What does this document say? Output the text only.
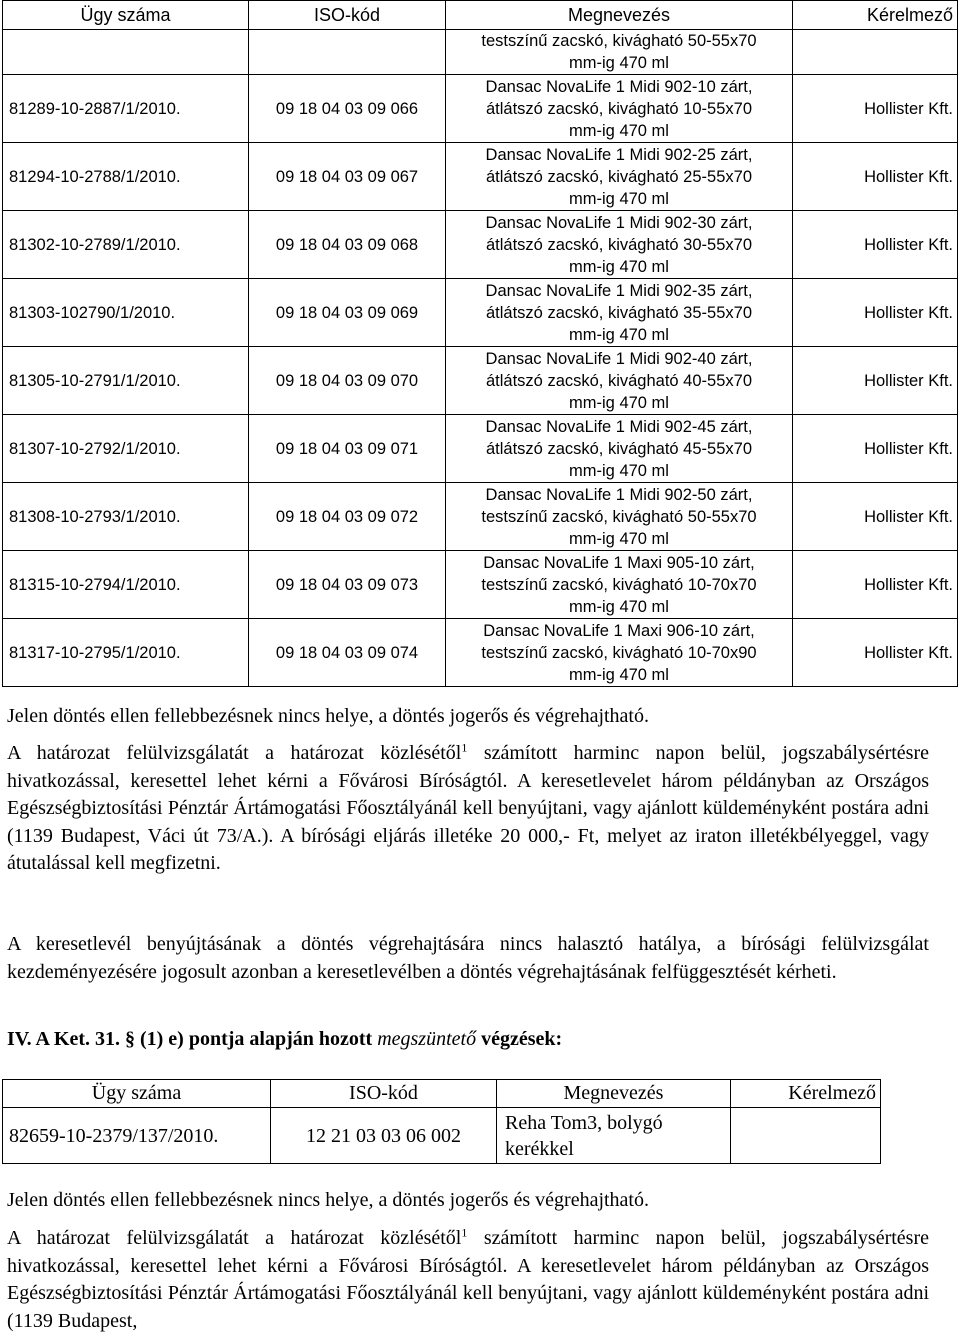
Ügy száma	ISO-kód	Megnevezés	Kérelmező

		testszínű zacskó, kivágható 50-55x70
mm-ig 470 ml	

81289-10-2887/1/2010.	09 18 04 03 09 066	Dansac NovaLife 1 Midi 902-10 zárt,
átlátszó zacskó, kivágható 10-55x70
mm-ig 470 ml	Hollister Kft.
81294-10-2788/1/2010.	09 18 04 03 09 067	Dansac NovaLife 1 Midi 902-25 zárt,
átlátszó zacskó, kivágható 25-55x70
mm-ig 470 ml	Hollister Kft.
81302-10-2789/1/2010.	09 18 04 03 09 068	Dansac NovaLife 1 Midi 902-30 zárt,
átlátszó zacskó, kivágható 30-55x70
mm-ig 470 ml	Hollister Kft.
81303-102790/1/2010.	09 18 04 03 09 069	Dansac NovaLife 1 Midi 902-35 zárt,
átlátszó zacskó, kivágható 35-55x70
mm-ig 470 ml	Hollister Kft.
81305-10-2791/1/2010.	09 18 04 03 09 070	Dansac NovaLife 1 Midi 902-40 zárt,
átlátszó zacskó, kivágható 40-55x70
mm-ig 470 ml	Hollister Kft.
81307-10-2792/1/2010.	09 18 04 03 09 071	Dansac NovaLife 1 Midi 902-45 zárt,
átlátszó zacskó, kivágható 45-55x70
mm-ig 470 ml	Hollister Kft.
81308-10-2793/1/2010.	09 18 04 03 09 072	Dansac NovaLife 1 Midi 902-50 zárt,
testszínű zacskó, kivágható 50-55x70
mm-ig 470 ml	Hollister Kft.
81315-10-2794/1/2010.	09 18 04 03 09 073	Dansac NovaLife 1 Maxi 905-10 zárt,
testszínű zacskó, kivágható 10-70x70
mm-ig 470 ml	Hollister Kft.
81317-10-2795/1/2010.	09 18 04 03 09 074	Dansac NovaLife 1 Maxi 906-10 zárt,
testszínű zacskó, kivágható 10-70x90
mm-ig 470 ml	Hollister Kft.
Jelen döntés ellen fellebbezésnek nincs helye, a döntés jogerős és végrehajtható.
A határozat felülvizsgálatát a határozat közlésétől$^1$ számított harminc napon belül, jogszabálysértésre hivatkozással, keresettel lehet kérni a Fővárosi Bíróságtól. A keresetlevelet három példányban az Országos Egészségbiztosítási Pénztár Ártámogatási Főosztályánál kell benyújtani, vagy ajánlott küldeményként postára adni (1139 Budapest, Váci út 73/A.). A bírósági eljárás illetéke 20 000,- Ft, melyet az iraton illetékbélyeggel, vagy átutalással kell megfizetni.
A keresetlevél benyújtásának a döntés végrehajtására nincs halasztó hatálya, a bírósági felülvizsgálat kezdeményezésére jogosult azonban a keresetlevélben a döntés végrehajtásának felfüggesztését kérheti.
IV. A Ket. 31. § (1) e) pontja alapján hozott megszüntető végzések:
Ügy száma	ISO-kód	Megnevezés	Kérelmező
82659-10-2379/137/2010.	12 21 03 03 06 002	Reha Tom3, bolygó
kerékkel	

Jelen döntés ellen fellebbezésnek nincs helye, a döntés jogerős és végrehajtható.
A határozat felülvizsgálatát a határozat közlésétől$^1$ számított harminc napon belül, jogszabálysértésre hivatkozással, keresettel lehet kérni a Fővárosi Bíróságtól. A keresetlevelet három példányban az Országos Egészségbiztosítási Pénztár Ártámogatási Főosztályánál kell benyújtani, vagy ajánlott küldeményként postára adni (1139 Budapest,
